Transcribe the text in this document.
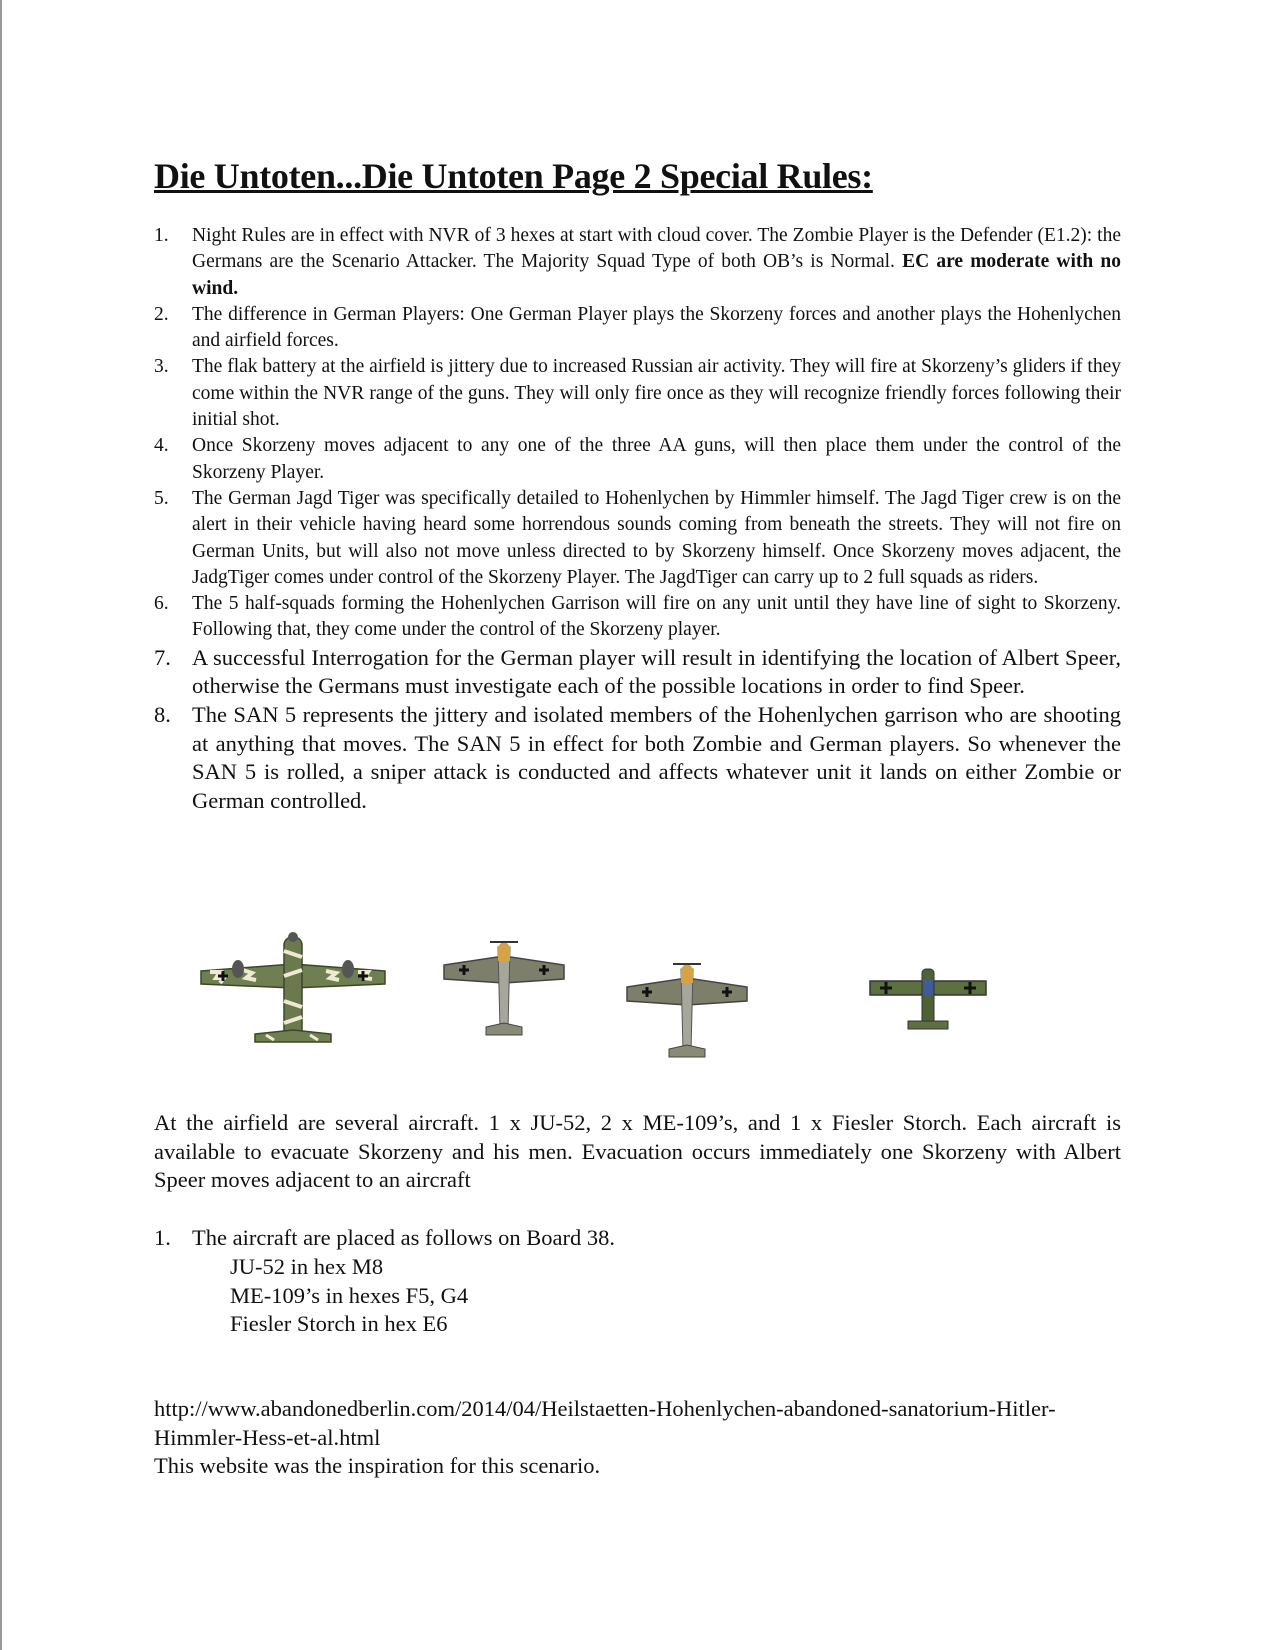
Die Untoten...Die Untoten Page 2 Special Rules:
1.	Night Rules are in effect with NVR of 3 hexes at start with cloud cover. The Zombie Player is the Defender (E1.2): the Germans are the Scenario Attacker. The Majority Squad Type of both OB’s is Normal. EC are moderate with no wind.
2.	The difference in German Players: One German Player plays the Skorzeny forces and another plays the Hohenlychen and airfield forces.
3.	The flak battery at the airfield is jittery due to increased Russian air activity. They will fire at Skorzeny’s gliders if they come within the NVR range of the guns. They will only fire once as they will recognize friendly forces following their initial shot.
4.	Once Skorzeny moves adjacent to any one of the three AA guns, will then place them under the control of the Skorzeny Player.
5.	The German Jagd Tiger was specifically detailed to Hohenlychen by Himmler himself. The Jagd Tiger crew is on the alert in their vehicle having heard some horrendous sounds coming from beneath the streets. They will not fire on German Units, but will also not move unless directed to by Skorzeny himself. Once Skorzeny moves adjacent, the JadgTiger comes under control of the Skorzeny Player. The JagdTiger can carry up to 2 full squads as riders.
6.	The 5 half-squads forming the Hohenlychen Garrison will fire on any unit until they have line of sight to Skorzeny. Following that, they come under the control of the Skorzeny player.
7. A successful Interrogation for the German player will result in identifying the location of Albert Speer, otherwise the Germans must investigate each of the possible locations in order to find Speer.
8. The SAN 5 represents the jittery and isolated members of the Hohenlychen garrison who are shooting at anything that moves. The SAN 5 in effect for both Zombie and German players. So whenever the SAN 5 is rolled, a sniper attack is conducted and affects whatever unit it lands on either Zombie or German controlled.

At the airfield are several aircraft. 1 x JU-52, 2 x ME-109’s, and 1 x Fiesler Storch. Each aircraft is available to evacuate Skorzeny and his men. Evacuation occurs immediately one Skorzeny with Albert Speer moves adjacent to an aircraft

1. The aircraft are placed as follows on Board 38.
JU-52 in hex M8
ME-109’s in hexes F5, G4
Fiesler Storch in hex E6

http://www.abandonedberlin.com/2014/04/Heilstaetten-Hohenlychen-abandoned-sanatorium-Hitler-Himmler-Hess-et-al.html

This website was the inspiration for this scenario.
